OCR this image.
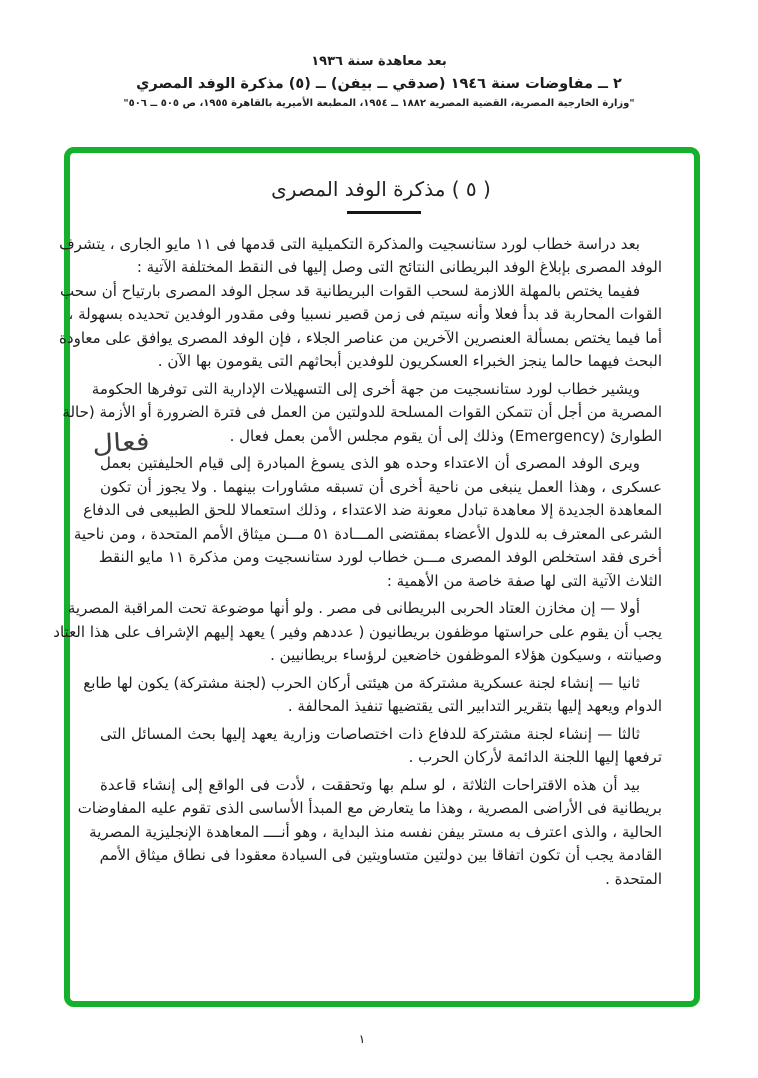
بعد معاهدة سنة ١٩٣٦
٢ ــ مفاوضات سنة ١٩٤٦ (صدقي ــ بيفن) ــ (٥) مذكرة الوفد المصري
"وزارة الخارجية المصرية، القضية المصرية ١٨٨٢ ــ ١٩٥٤، المطبعة الأميرية بالقاهرة ١٩٥٥، ص ٥٠٥ ــ ٥٠٦"
( ٥ ) مذكرة الوفد المصرى

بعد دراسة خطاب لورد ستانسجيت والمذكرة التكميلية التى قدمها فى ١١ مايو الجارى ، يتشرف
الوفد المصرى بإبلاغ الوفد البريطانى النتائج التى وصل إليها فى النقط المختلفة الآتية :

ففيما يختص بالمهلة اللازمة لسحب القوات البريطانية قد سجل الوفد المصرى بارتياح أن سحب
القوات المحاربة قد بدأ فعلا وأنه سيتم فى زمن قصير نسبيا وفى مقدور الوفدين تحديده بسهولة ،
أما فيما يختص بمسألة العنصرين الآخرين من عناصر الجلاء ، فإن الوفد المصرى يوافق على معاودة
البحث فيهما حالما ينجز الخبراء العسكريون للوفدين أبحاثهم التى يقومون بها الآن .

ويشير خطاب لورد ستانسجيت من جهة أخرى إلى التسهيلات الإدارية التى توفرها الحكومة
المصرية من أجل أن تتمكن القوات المسلحة للدولتين من العمل فى فترة الضرورة أو الأزمة (حالة
الطوارئ (Emergency) وذلك إلى أن يقوم مجلس الأمن بعمل فعال .

ويرى الوفد المصرى أن الاعتداء وحده هو الذى يسوغ المبادرة إلى قيام الحليفتين بعمل
عسكرى ، وهذا العمل ينبغى من ناحية أخرى أن تسبقه مشاورات بينهما . ولا يجوز أن تكون
المعاهدة الجديدة إلا معاهدة تبادل معونة ضد الاعتداء ، وذلك استعمالا للحق الطبيعى فى الدفاع
الشرعى المعترف به للدول الأعضاء بمقتضى المـــادة ٥١ مـــن ميثاق الأمم المتحدة ، ومن ناحية
أخرى فقد استخلص الوفد المصرى مـــن خطاب لورد ستانسجيت ومن مذكرة ١١ مايو النقط
الثلاث الآتية التى لها صفة خاصة من الأهمية :

أولا — إن مخازن العتاد الحربى البريطانى فى مصر . ولو أنها موضوعة تحت المراقبة المصرية
يجب أن يقوم على حراستها موظفون بريطانيون ( عددهم وفير ) يعهد إليهم الإشراف على هذا العتاد
وصيانته ، وسيكون هؤلاء الموظفون خاضعين لرؤساء بريطانيين .

ثانيا — إنشاء لجنة عسكرية مشتركة من هيئتى أركان الحرب (لجنة مشتركة) يكون لها طابع
الدوام ويعهد إليها بتقرير التدابير التى يقتضيها تنفيذ المحالفة .

ثالثا — إنشاء لجنة مشتركة للدفاع ذات اختصاصات وزارية يعهد إليها بحث المسائل التى
ترفعها إليها اللجنة الدائمة لأركان الحرب .

بيد أن هذه الاقتراحات الثلاثة ، لو سلم بها وتحققت ، لأدت فى الواقع إلى إنشاء قاعدة
بريطانية فى الأراضى المصرية ، وهذا ما يتعارض مع المبدأ الأساسى الذى تقوم عليه المفاوضات
الحالية ، والذى اعترف به مستر بيفن نفسه منذ البداية ، وهو أنــــ المعاهدة الإنجليزية المصرية
القادمة يجب أن تكون اتفاقا بين دولتين متساويتين فى السيادة معقودا فى نطاق ميثاق الأمم
المتحدة .

فعال
١
